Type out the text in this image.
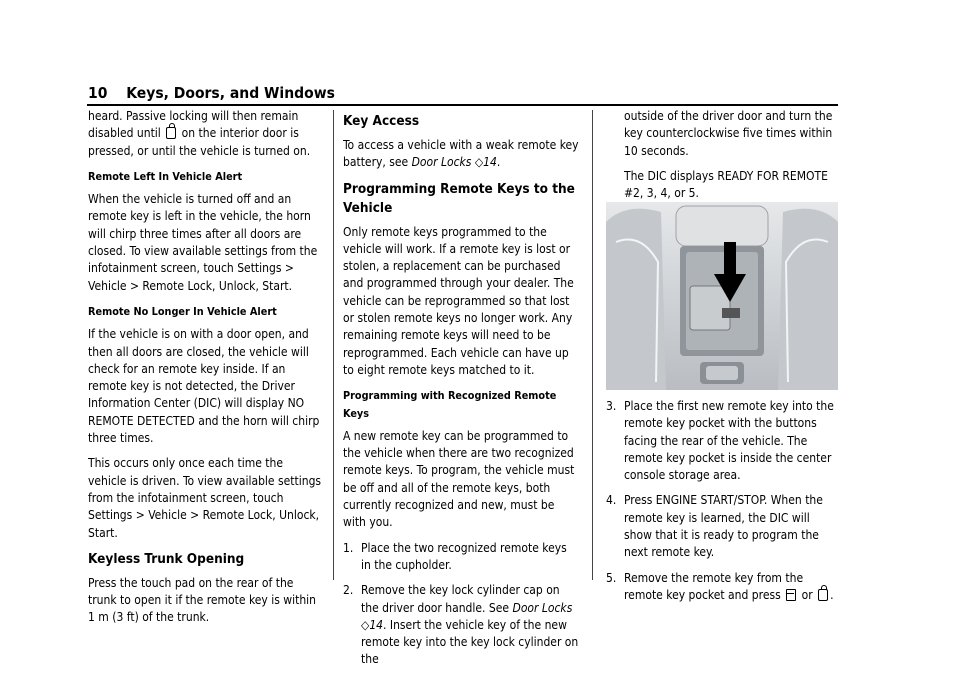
10 Keys, Doors, and Windows

heard. Passive locking will then remain disabled until on the interior door is pressed, or until the vehicle is turned on.

Remote Left In Vehicle Alert

When the vehicle is turned off and an remote key is left in the vehicle, the horn will chirp three times after all doors are closed. To view available settings from the infotainment screen, touch Settings > Vehicle > Remote Lock, Unlock, Start.

Remote No Longer In Vehicle Alert

If the vehicle is on with a door open, and then all doors are closed, the vehicle will check for an remote key inside. If an remote key is not detected, the Driver Information Center (DIC) will display NO REMOTE DETECTED and the horn will chirp three times.

This occurs only once each time the vehicle is driven. To view available settings from the infotainment screen, touch Settings > Vehicle > Remote Lock, Unlock, Start.

Keyless Trunk Opening

Press the touch pad on the rear of the trunk to open it if the remote key is within 1 m (3 ft) of the trunk.

Key Access

To access a vehicle with a weak remote key battery, see Door Locks ◇14.

Programming Remote Keys to the Vehicle

Only remote keys programmed to the vehicle will work. If a remote key is lost or stolen, a replacement can be purchased and programmed through your dealer. The vehicle can be reprogrammed so that lost or stolen remote keys no longer work. Any remaining remote keys will need to be reprogrammed. Each vehicle can have up to eight remote keys matched to it.

Programming with Recognized Remote Keys

A new remote key can be programmed to the vehicle when there are two recognized remote keys. To program, the vehicle must be off and all of the remote keys, both currently recognized and new, must be with you.

1. Place the two recognized remote keys in the cupholder.
2. Remove the key lock cylinder cap on the driver door handle. See Door Locks ◇14. Insert the vehicle key of the new remote key into the key lock cylinder on the

outside of the driver door and turn the key counterclockwise five times within 10 seconds.

The DIC displays READY FOR REMOTE #2, 3, 4, or 5.

3. Place the first new remote key into the remote key pocket with the buttons facing the rear of the vehicle. The remote key pocket is inside the center console storage area.
4. Press ENGINE START/STOP. When the remote key is learned, the DIC will show that it is ready to program the next remote key.
5. Remove the remote key from the remote key pocket and press or .
